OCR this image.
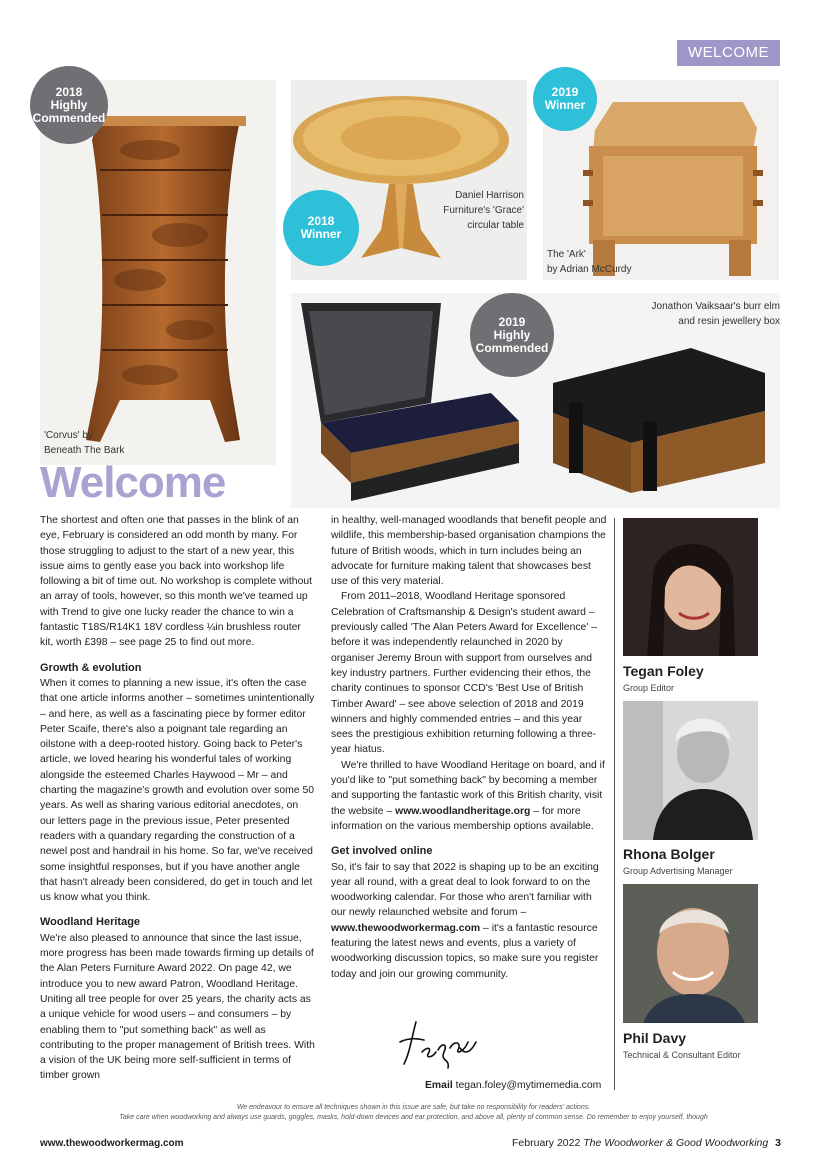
WELCOME
2018
Highly
Commended
'Corvus' by
Beneath The Bark
2018
Winner
Daniel Harrison
Furniture's 'Grace'
circular table
2019
Winner
The 'Ark'
by Adrian McCurdy
2019
Highly
Commended
Jonathon Vaiksaar's burr elm
and resin jewellery box
Welcome

The shortest and often one that passes in the blink of an eye, February is considered an odd month by many. For those struggling to adjust to the start of a new year, this issue aims to gently ease you back into workshop life following a bit of time out. No workshop is complete without an array of tools, however, so this month we've teamed up with Trend to give one lucky reader the chance to win a fantastic T18S/R14K1 18V cordless ¼in brushless router kit, worth £398 – see page 25 to find out more.

Growth & evolution

When it comes to planning a new issue, it's often the case that one article informs another – sometimes unintentionally – and here, as well as a fascinating piece by former editor Peter Scaife, there's also a poignant tale regarding an oilstone with a deep-rooted history. Going back to Peter's article, we loved hearing his wonderful tales of working alongside the esteemed Charles Haywood – Mr – and charting the magazine's growth and evolution over some 50 years. As well as sharing various editorial anecdotes, on our letters page in the previous issue, Peter presented readers with a quandary regarding the construction of a newel post and handrail in his home. So far, we've received some insightful responses, but if you have another angle that hasn't already been considered, do get in touch and let us know what you think.

Woodland Heritage

We're also pleased to announce that since the last issue, more progress has been made towards firming up details of the Alan Peters Furniture Award 2022. On page 42, we introduce you to new award Patron, Woodland Heritage. Uniting all tree people for over 25 years, the charity acts as a unique vehicle for wood users – and consumers – by enabling them to "put something back" as well as contributing to the proper management of British trees. With a vision of the UK being more self-sufficient in terms of timber grown

in healthy, well-managed woodlands that benefit people and wildlife, this membership-based organisation champions the future of British woods, which in turn includes being an advocate for furniture making talent that showcases best use of this very material.

From 2011–2018, Woodland Heritage sponsored Celebration of Craftsmanship & Design's student award – previously called 'The Alan Peters Award for Excellence' – before it was independently relaunched in 2020 by organiser Jeremy Broun with support from ourselves and key industry partners. Further evidencing their ethos, the charity continues to sponsor CCD's 'Best Use of British Timber Award' – see above selection of 2018 and 2019 winners and highly commended entries – and this year sees the prestigious exhibition returning following a three-year hiatus.

We're thrilled to have Woodland Heritage on board, and if you'd like to "put something back" by becoming a member and supporting the fantastic work of this British charity, visit the website – www.woodlandheritage.org – for more information on the various membership options available.

Get involved online

So, it's fair to say that 2022 is shaping up to be an exciting year all round, with a great deal to look forward to on the woodworking calendar. For those who aren't familiar with our newly relaunched website and forum – www.thewoodworkermag.com – it's a fantastic resource featuring the latest news and events, plus a variety of woodworking discussion topics, so make sure you register today and join our growing community.

Email tegan.foley@mytimemedia.com
Tegan Foley
Group Editor
Rhona Bolger
Group Advertising Manager
Phil Davy
Technical & Consultant Editor
We endeavour to ensure all techniques shown in this issue are safe, but take no responsibility for readers' actions.
Take care when woodworking and always use guards, goggles, masks, hold-down devices and ear protection, and above all, plenty of common sense. Do remember to enjoy yourself, though
www.thewoodworkermag.com	February 2022 The Woodworker & Good Woodworking 3
